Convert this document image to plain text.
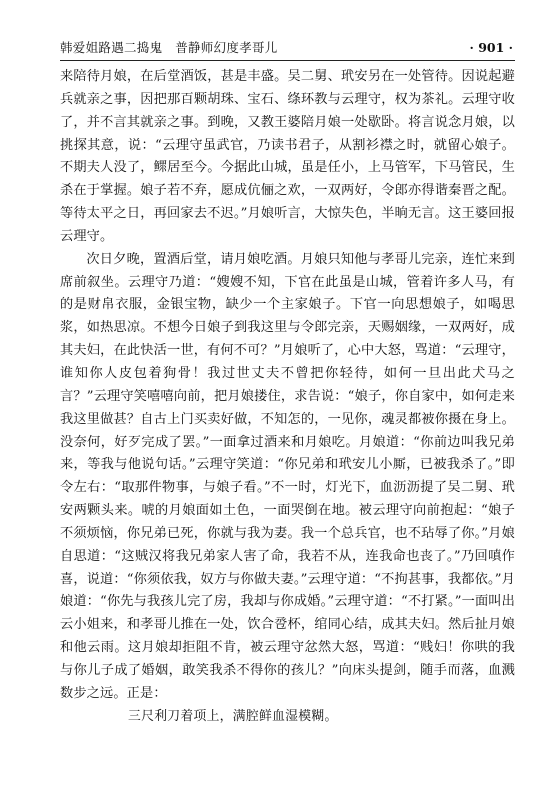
韩爱姐路遇二捣鬼　普静师幻度孝哥儿	· 901 ·

来陪待月娘，在后堂酒饭，甚是丰盛。吴二舅、玳安另在一处管待。因说起避兵就亲之事，因把那百颗胡珠、宝石、绦环教与云理守，权为茶礼。云理守收了，并不言其就亲之事。到晚，又教王婆陪月娘一处歇卧。将言说念月娘，以挑探其意，说：“云理守虽武官，乃读书君子，从割衫襟之时，就留心娘子。不期夫人没了，鳏居至今。今据此山城，虽是任小，上马管军，下马管民，生杀在于掌握。娘子若不弃，愿成伉俪之欢，一双两好，令郎亦得谐秦晋之配。等待太平之日，再回家去不迟。”月娘听言，大惊失色，半晌无言。这王婆回报云理守。

次日夕晚，置酒后堂，请月娘吃酒。月娘只知他与孝哥儿完亲，连忙来到席前叙坐。云理守乃道：“嫂嫂不知，下官在此虽是山城，管着许多人马，有的是财帛衣服，金银宝物，缺少一个主家娘子。下官一向思想娘子，如喝思浆，如热思凉。不想今日娘子到我这里与令郎完亲，天赐姻缘，一双两好，成其夫妇，在此快活一世，有何不可？”月娘听了，心中大怒，骂道：“云理守，谁知你人皮包着狗骨！我过世丈夫不曾把你轻待，如何一旦出此犬马之言？”云理守笑嘻嘻向前，把月娘搂住，求告说：“娘子，你自家中，如何走来我这里做甚？自古上门买卖好做，不知怎的，一见你，魂灵都被你摄在身上。没奈何，好歹完成了罢。”一面拿过酒来和月娘吃。月娘道：“你前边叫我兄弟来，等我与他说句话。”云理守笑道：“你兄弟和玳安儿小厮，已被我杀了。”即令左右：“取那件物事，与娘子看。”不一时，灯光下，血沥沥提了吴二舅、玳安两颗头来。唬的月娘面如土色，一面哭倒在地。被云理守向前抱起：“娘子不须烦恼，你兄弟已死，你就与我为妻。我一个总兵官，也不玷辱了你。”月娘自思道：“这贼汉将我兄弟家人害了命，我若不从，连我命也丧了。”乃回嗔作喜，说道：“你须依我，奴方与你做夫妻。”云理守道：“不拘甚事，我都依。”月娘道：“你先与我孩儿完了房，我却与你成婚。”云理守道：“不打紧。”一面叫出云小姐来，和孝哥儿推在一处，饮合卺杯，绾同心结，成其夫妇。然后扯月娘和他云雨。这月娘却拒阻不肯，被云理守忿然大怒，骂道：“贱妇！你哄的我与你儿子成了婚姻，敢笑我杀不得你的孩儿？”向床头提剑，随手而落，血溅数步之远。正是：

三尺利刀着项上，满腔鲜血湿模糊。
